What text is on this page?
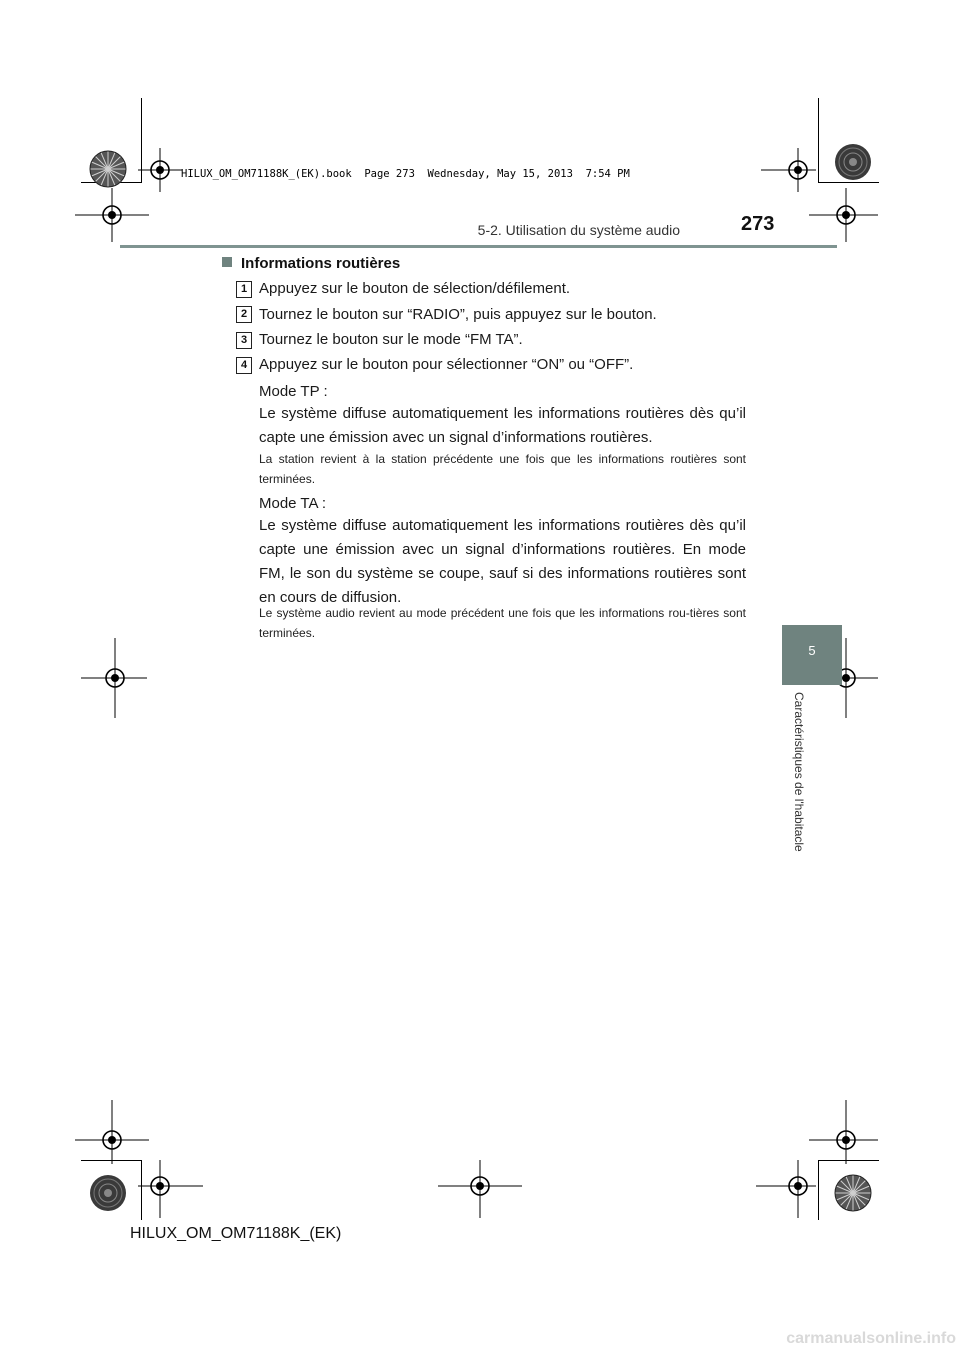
HILUX_OM_OM71188K_(EK).book  Page 273  Wednesday, May 15, 2013  7:54 PM
5-2. Utilisation du système audio	273
5
Caractéristiques de l'habitacle
Informations routières
1 Appuyez sur le bouton de sélection/défilement.
2 Tournez le bouton sur “RADIO”, puis appuyez sur le bouton.
3 Tournez le bouton sur le mode “FM TA”.
4 Appuyez sur le bouton pour sélectionner “ON” ou “OFF”.
Mode TP :
Le système diffuse automatiquement les informations routières dès qu’il capte une émission avec un signal d’informations routières.
La station revient à la station précédente une fois que les informations routières sont terminées.
Mode TA :
Le système diffuse automatiquement les informations routières dès qu’il capte une émission avec un signal d’informations routières. En mode FM, le son du système se coupe, sauf si des informations routières sont en cours de diffusion.
Le système audio revient au mode précédent une fois que les informations rou-tières sont terminées.
HILUX_OM_OM71188K_(EK)
carmanualsonline.info
